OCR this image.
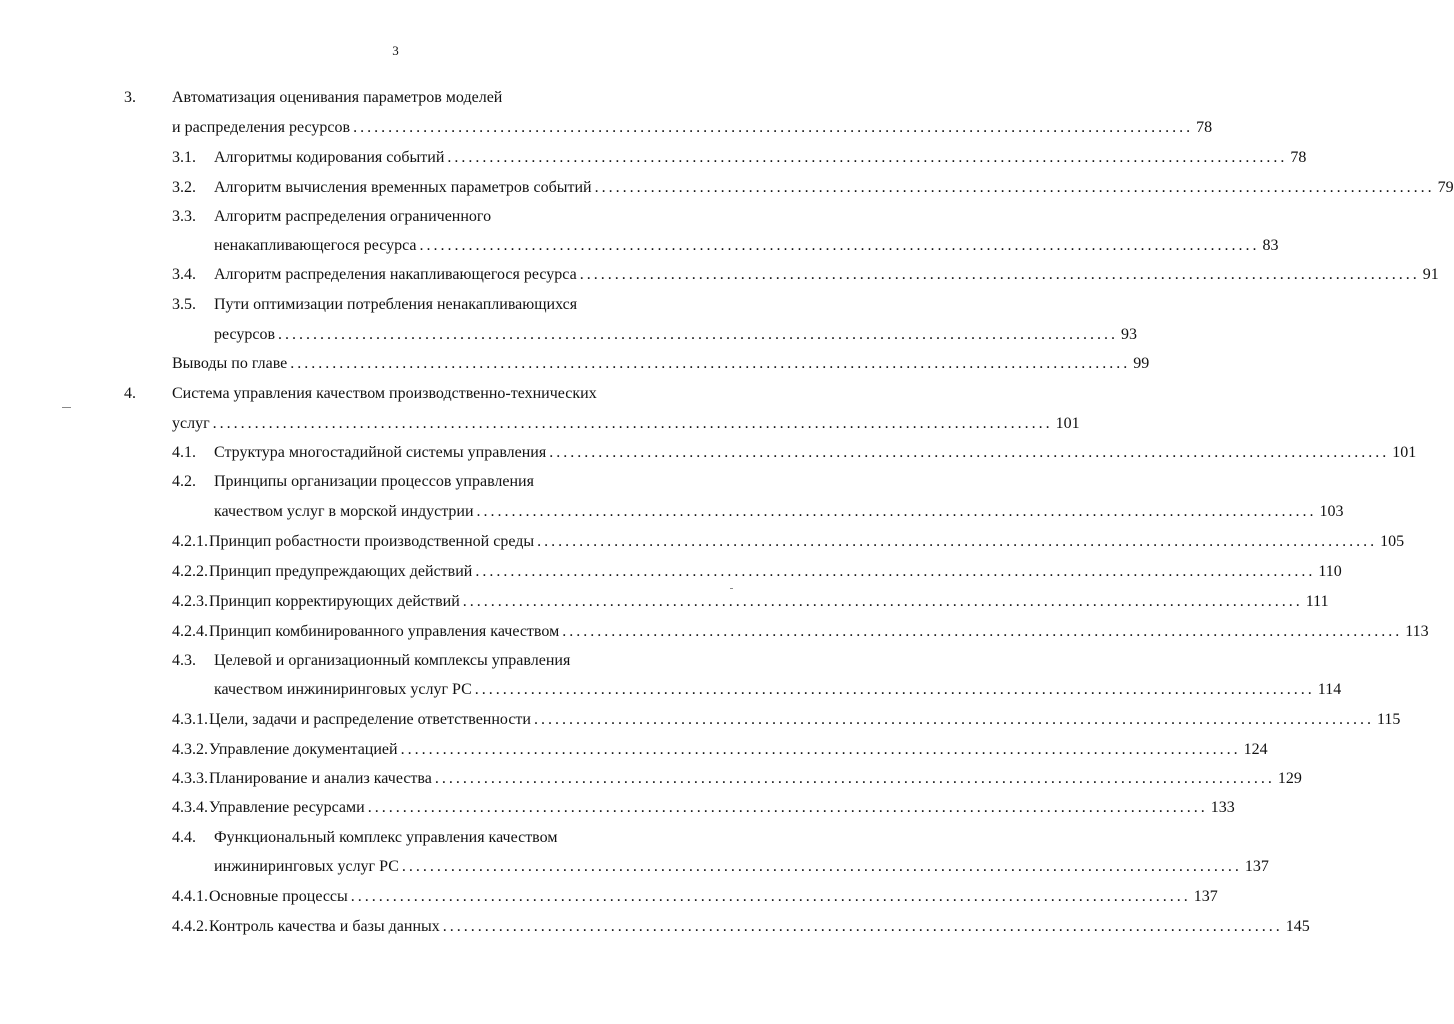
3
3. Автоматизация оценивания параметров моделей
и распределения ресурсов ........................................................................................................................ 78
3.1. Алгоритмы кодирования событий ........................................................................................................................ 78
3.2. Алгоритм вычисления временных параметров событий ........................................................................................................................ 79
3.3. Алгоритм распределения ограниченного
ненакапливающегося ресурса ........................................................................................................................ 83
3.4. Алгоритм распределения накапливающегося ресурса ........................................................................................................................ 91
3.5. Пути оптимизации потребления ненакапливающихся
ресурсов ........................................................................................................................ 93
Выводы по главе ........................................................................................................................ 99
4. Система управления качеством производственно-технических
услуг ........................................................................................................................ 101
4.1. Структура многостадийной системы управления ........................................................................................................................ 101
4.2. Принципы организации процессов управления
качеством услуг в морской индустрии ........................................................................................................................ 103
4.2.1. Принцип робастности производственной среды ........................................................................................................................ 105
4.2.2. Принцип предупреждающих действий ........................................................................................................................ 110
4.2.3. Принцип корректирующих действий ........................................................................................................................ 111
4.2.4. Принцип комбинированного управления качеством ........................................................................................................................ 113
4.3. Целевой и организационный комплексы управления
качеством инжиниринговых услуг РС ........................................................................................................................ 114
4.3.1. Цели, задачи и распределение ответственности ........................................................................................................................ 115
4.3.2. Управление документацией ........................................................................................................................ 124
4.3.3. Планирование и анализ качества ........................................................................................................................ 129
4.3.4. Управление ресурсами ........................................................................................................................ 133
4.4. Функциональный комплекс управления качеством
инжиниринговых услуг РС ........................................................................................................................ 137
4.4.1. Основные процессы ........................................................................................................................ 137
4.4.2. Контроль качества и базы данных ........................................................................................................................ 145
